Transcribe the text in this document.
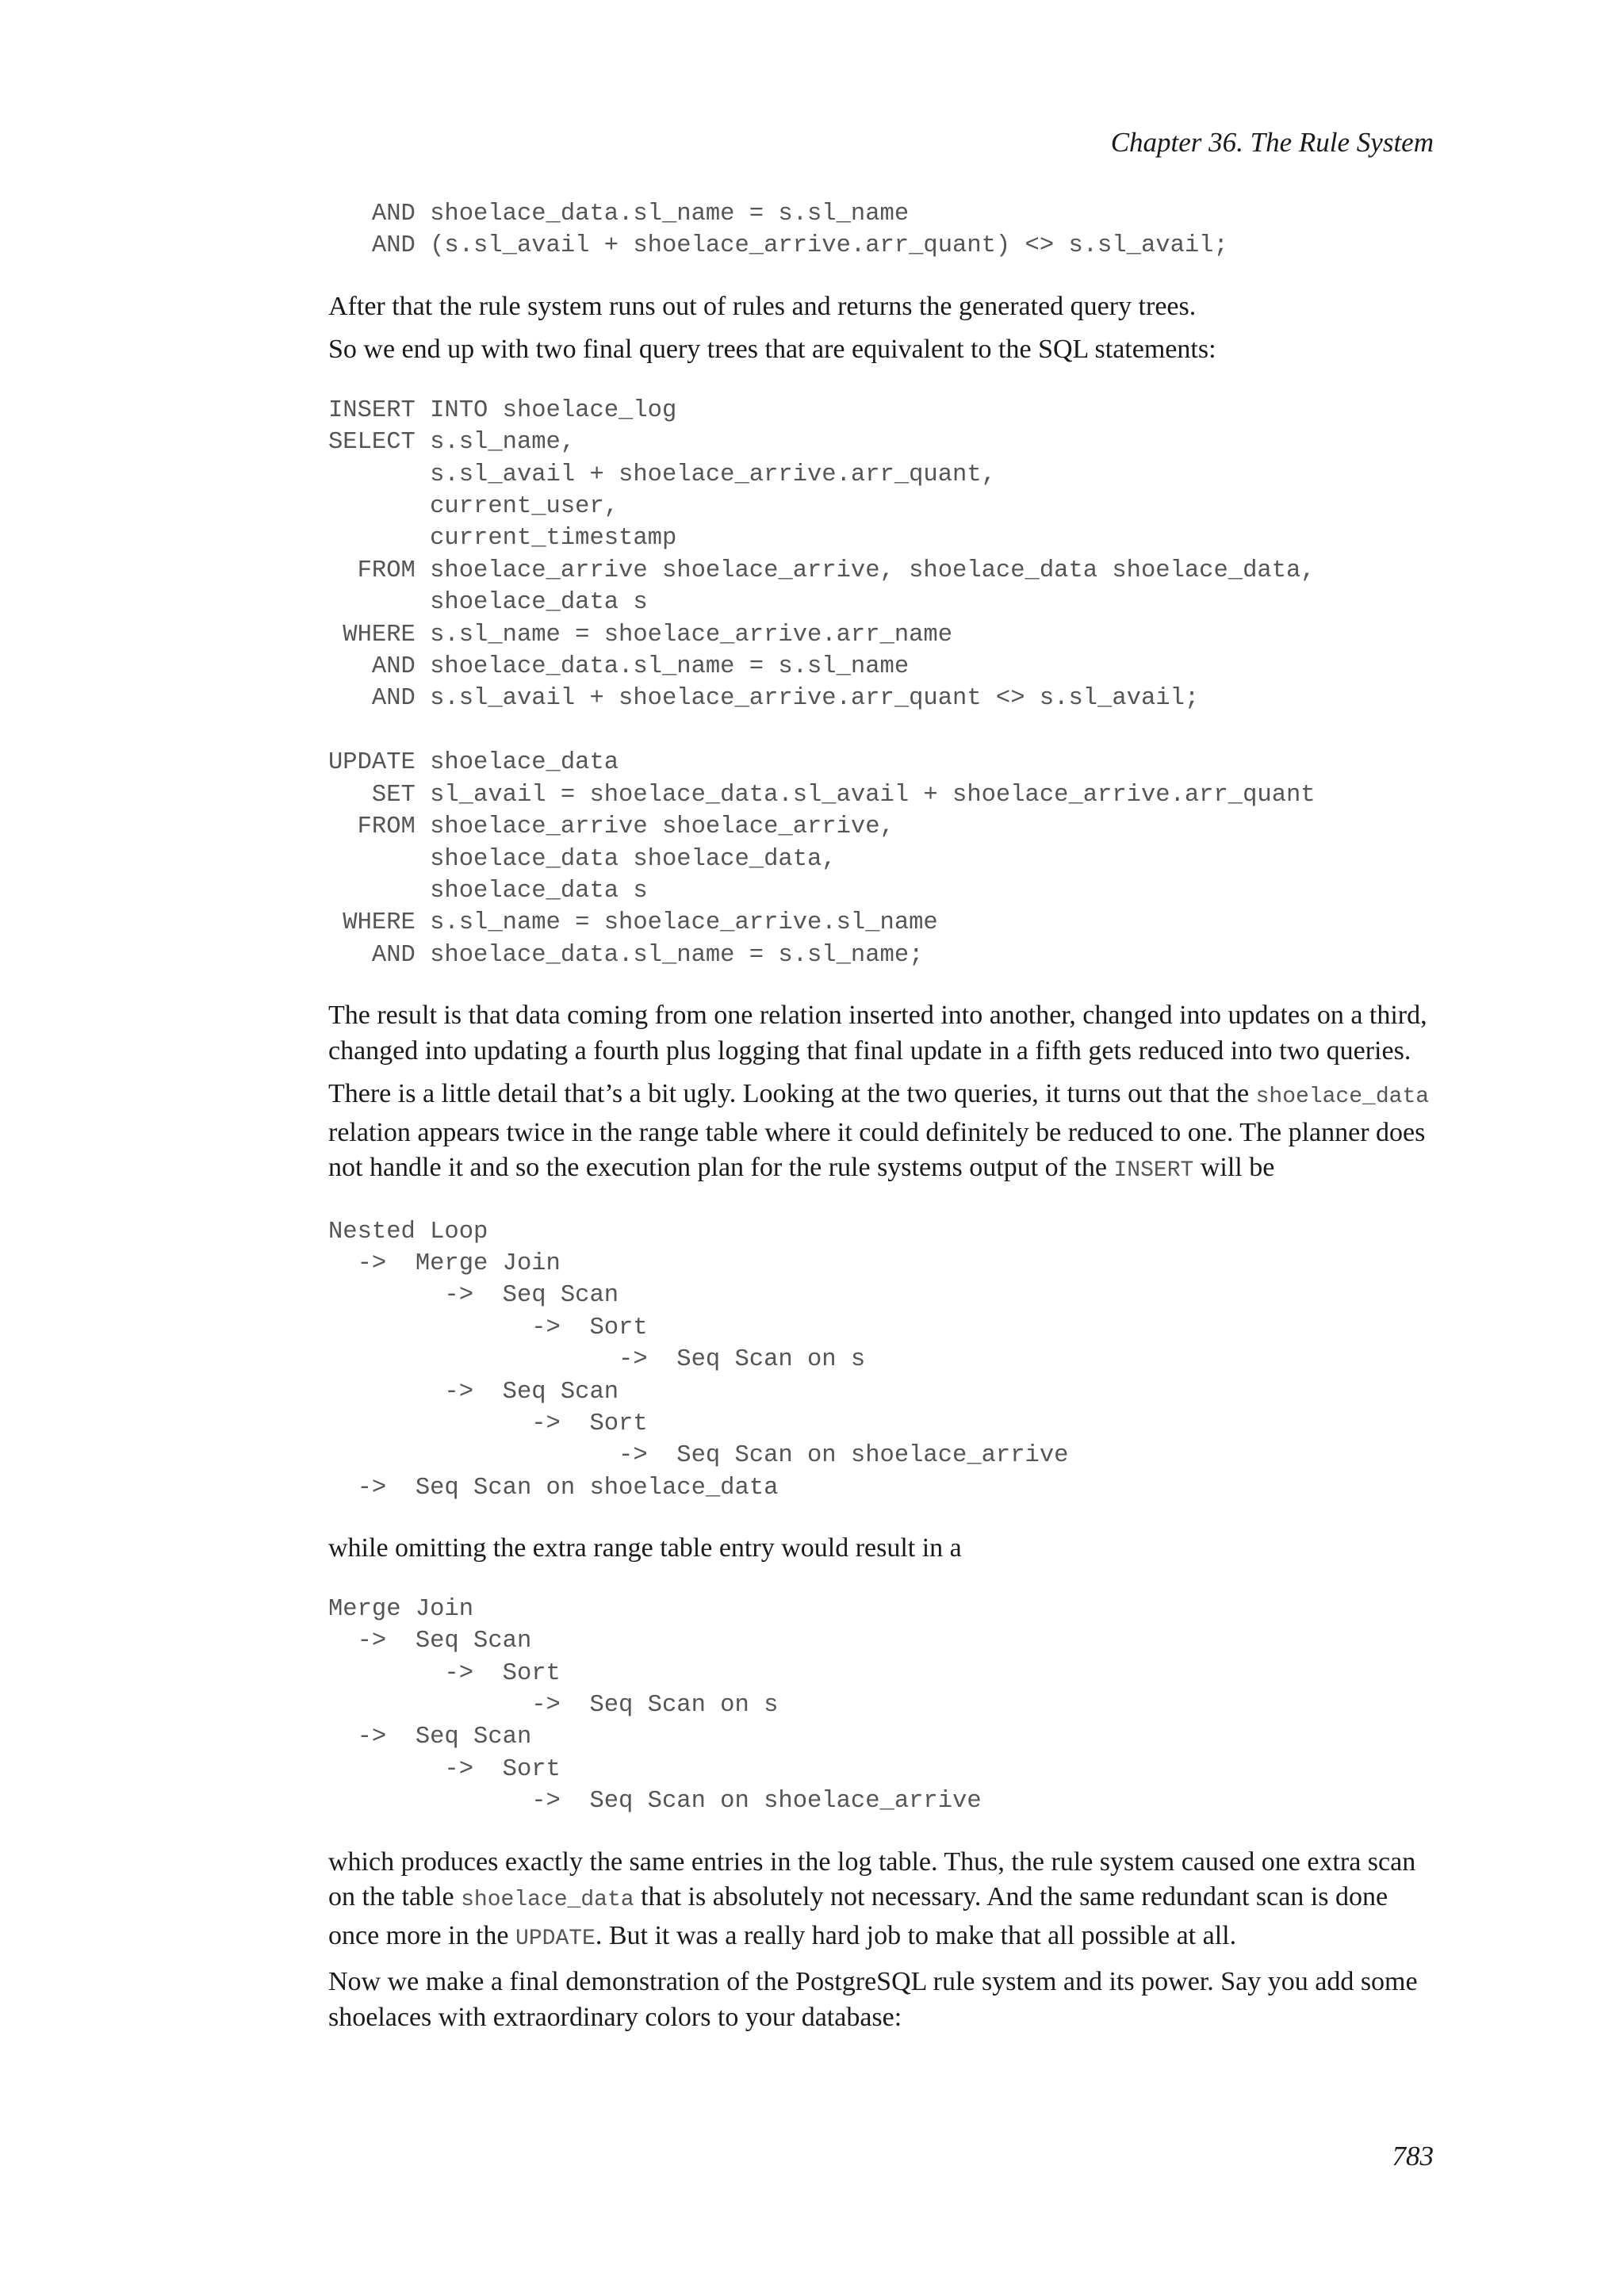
Chapter 36. The Rule System
AND shoelace_data.sl_name = s.sl_name
AND (s.sl_avail + shoelace_arrive.arr_quant) <> s.sl_avail;

After that the rule system runs out of rules and returns the generated query trees.

So we end up with two final query trees that are equivalent to the SQL statements:

INSERT INTO shoelace_log
SELECT s.sl_name,
s.sl_avail + shoelace_arrive.arr_quant,
current_user,
current_timestamp
FROM shoelace_arrive shoelace_arrive, shoelace_data shoelace_data,
shoelace_data s
WHERE s.sl_name = shoelace_arrive.arr_name
AND shoelace_data.sl_name = s.sl_name
AND s.sl_avail + shoelace_arrive.arr_quant <> s.sl_avail;

UPDATE shoelace_data
SET sl_avail = shoelace_data.sl_avail + shoelace_arrive.arr_quant
FROM shoelace_arrive shoelace_arrive,
shoelace_data shoelace_data,
shoelace_data s
WHERE s.sl_name = shoelace_arrive.sl_name
AND shoelace_data.sl_name = s.sl_name;

The result is that data coming from one relation inserted into another, changed into updates on a third, changed into updating a fourth plus logging that final update in a fifth gets reduced into two queries.

There is a little detail that’s a bit ugly. Looking at the two queries, it turns out that the shoelace_data relation appears twice in the range table where it could definitely be reduced to one. The planner does not handle it and so the execution plan for the rule systems output of the INSERT will be

Nested Loop
->  Merge Join
->  Seq Scan
->  Sort
->  Seq Scan on s
->  Seq Scan
->  Sort
->  Seq Scan on shoelace_arrive
->  Seq Scan on shoelace_data

while omitting the extra range table entry would result in a

Merge Join
->  Seq Scan
->  Sort
->  Seq Scan on s
->  Seq Scan
->  Sort
->  Seq Scan on shoelace_arrive

which produces exactly the same entries in the log table. Thus, the rule system caused one extra scan on the table shoelace_data that is absolutely not necessary. And the same redundant scan is done once more in the UPDATE. But it was a really hard job to make that all possible at all.

Now we make a final demonstration of the PostgreSQL rule system and its power. Say you add some shoelaces with extraordinary colors to your database:

783
